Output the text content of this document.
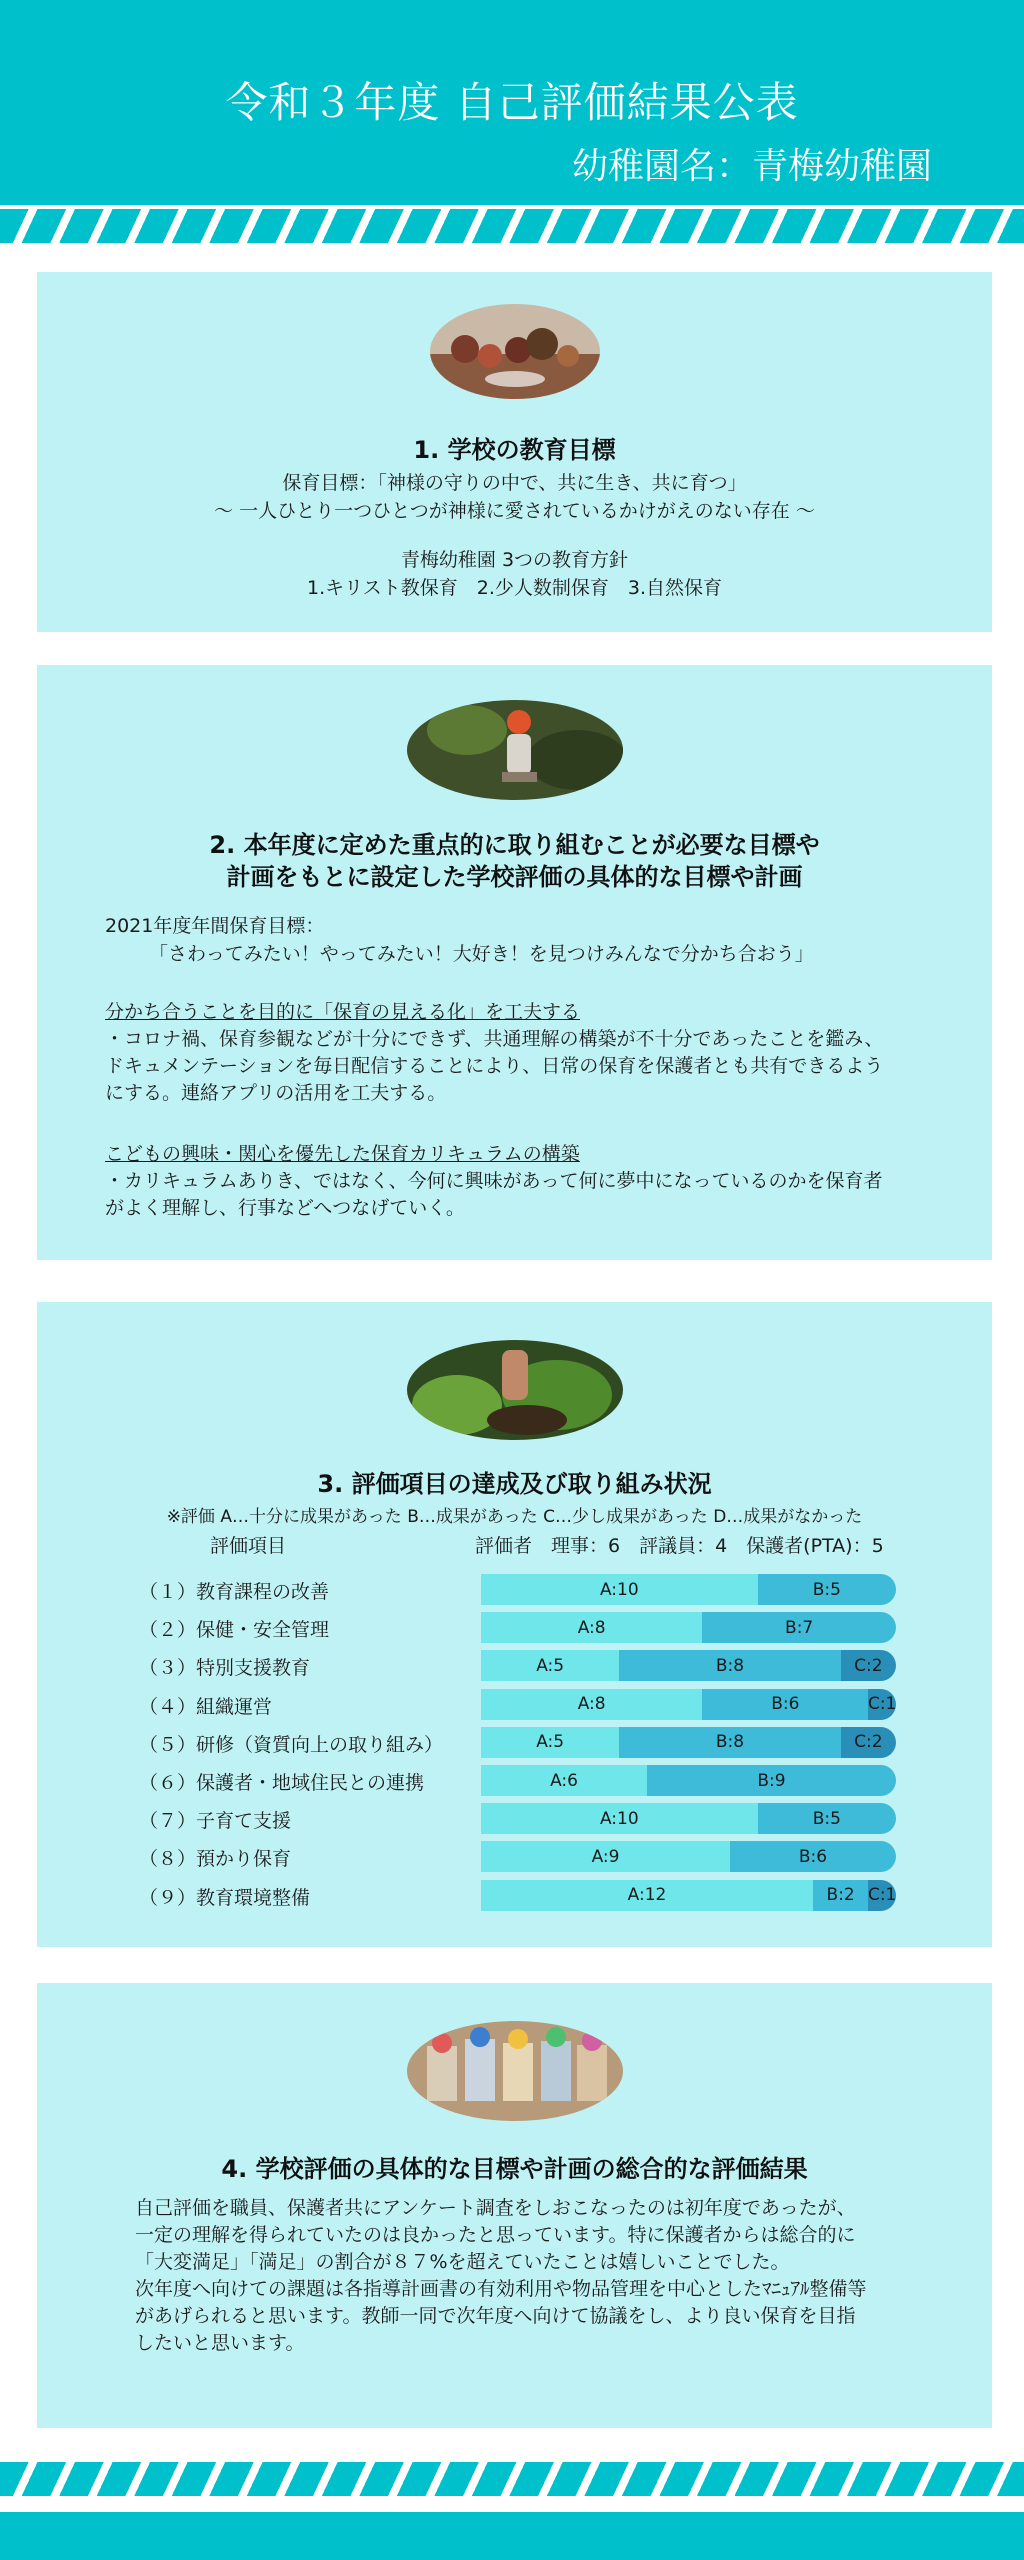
令和３年度 自己評価結果公表
幼稚園名：青梅幼稚園
1. 学校の教育目標
保育目標：「神様の守りの中で、共に生き、共に育つ」
〜 一人ひとり一つひとつが神様に愛されているかけがえのない存在 〜
青梅幼稚園 3つの教育方針
1.キリスト教保育　2.少人数制保育　3.自然保育
2. 本年度に定めた重点的に取り組むことが必要な目標や
計画をもとに設定した学校評価の具体的な目標や計画
2021年度年間保育目標：
「さわってみたい！やってみたい！大好き！を見つけみんなで分かち合おう」
分かち合うことを目的に「保育の見える化」を工夫する
・コロナ禍、保育参観などが十分にできず、共通理解の構築が不十分であったことを鑑み、
ドキュメンテーションを毎日配信することにより、日常の保育を保護者とも共有できるよう
にする。連絡アプリの活用を工夫する。
こどもの興味・関心を優先した保育カリキュラムの構築
・カリキュラムありき、ではなく、今何に興味があって何に夢中になっているのかを保育者
がよく理解し、行事などへつなげていく。
3. 評価項目の達成及び取り組み状況
※評価 A…十分に成果があった B…成果があった C…少し成果があった D…成果がなかった
評価項目	評価者　理事：6　評議員：4　保護者(PTA)：5
（１）教育課程の改善	A:10	B:5
（２）保健・安全管理	A:8	B:7
（３）特別支援教育	A:5	B:8	C:2
（４）組織運営	A:8	B:6	C:1
（５）研修（資質向上の取り組み）	A:5	B:8	C:2
（６）保護者・地域住民との連携	A:6	B:9
（７）子育て支援	A:10	B:5
（８）預かり保育	A:9	B:6
（９）教育環境整備	A:12	B:2 C:1
4. 学校評価の具体的な目標や計画の総合的な評価結果
自己評価を職員、保護者共にアンケート調査をしおこなったのは初年度であったが、
一定の理解を得られていたのは良かったと思っています。特に保護者からは総合的に
「大変満足」「満足」の割合が８７%を超えていたことは嬉しいことでした。
次年度へ向けての課題は各指導計画書の有効利用や物品管理を中心としたﾏﾆｭｱﾙ整備等
があげられると思います。教師一同で次年度へ向けて協議をし、より良い保育を目指
したいと思います。
